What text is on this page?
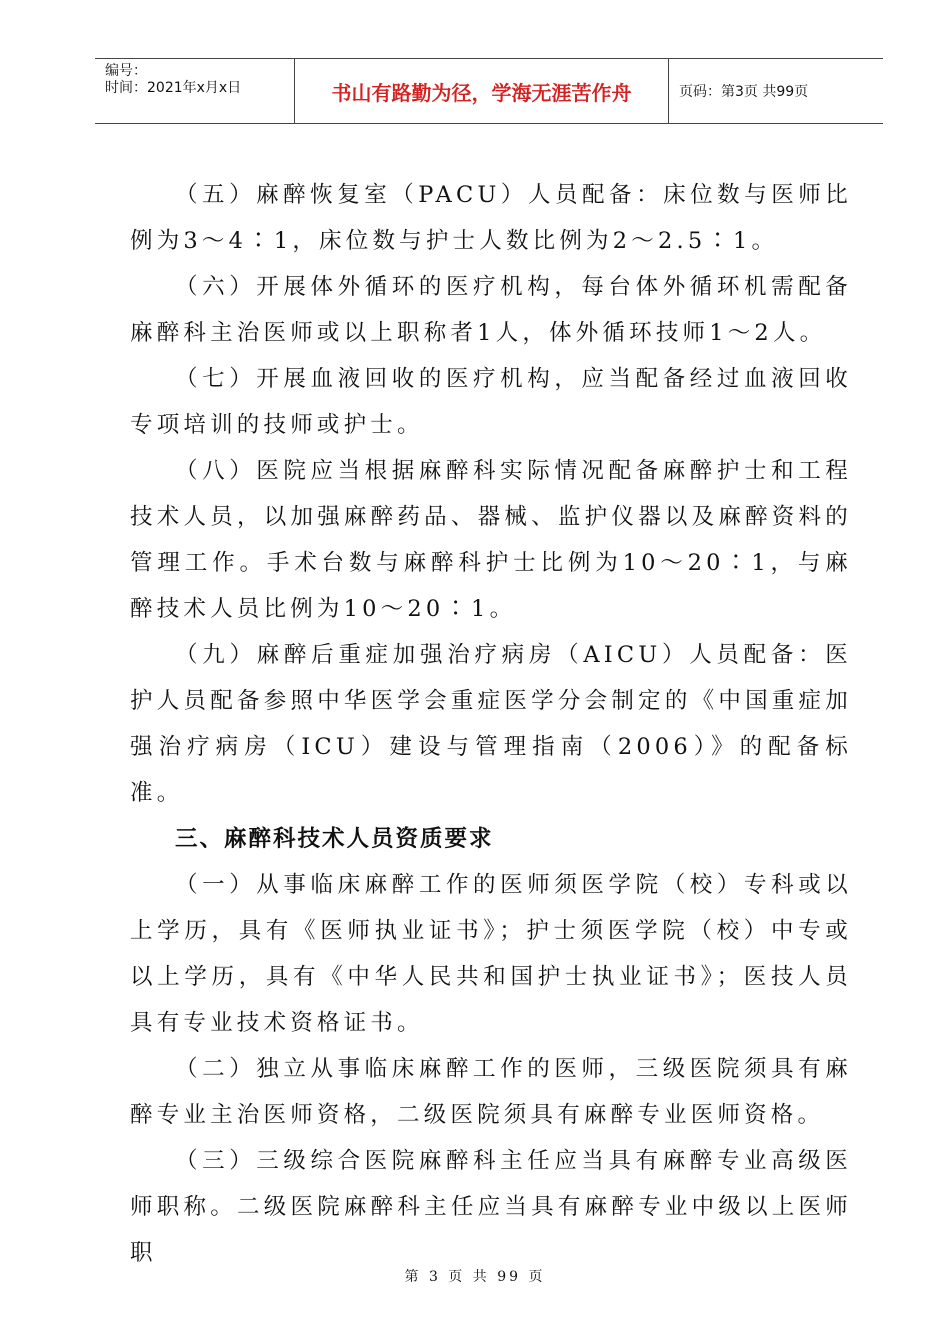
编号：
时间：2021年x月x日	书山有路勤为径，学海无涯苦作舟	页码：第3页 共99页

（五）麻醉恢复室（PACU）人员配备：床位数与医师比例为3～4∶1，床位数与护士人数比例为2～2.5∶1。

（六）开展体外循环的医疗机构，每台体外循环机需配备麻醉科主治医师或以上职称者1人，体外循环技师1～2人。

（七）开展血液回收的医疗机构，应当配备经过血液回收专项培训的技师或护士。

（八）医院应当根据麻醉科实际情况配备麻醉护士和工程技术人员，以加强麻醉药品、器械、监护仪器以及麻醉资料的管理工作。手术台数与麻醉科护士比例为10～20∶1，与麻醉技术人员比例为10～20∶1。

（九）麻醉后重症加强治疗病房（AICU）人员配备：医护人员配备参照中华医学会重症医学分会制定的《中国重症加强治疗病房（ICU）建设与管理指南（2006）》的配备标准。

三、麻醉科技术人员资质要求

（一）从事临床麻醉工作的医师须医学院（校）专科或以上学历，具有《医师执业证书》；护士须医学院（校）中专或以上学历，具有《中华人民共和国护士执业证书》；医技人员具有专业技术资格证书。

（二）独立从事临床麻醉工作的医师，三级医院须具有麻醉专业主治医师资格，二级医院须具有麻醉专业医师资格。

（三）三级综合医院麻醉科主任应当具有麻醉专业高级医师职称。二级医院麻醉科主任应当具有麻醉专业中级以上医师职

第 3 页 共 99 页
